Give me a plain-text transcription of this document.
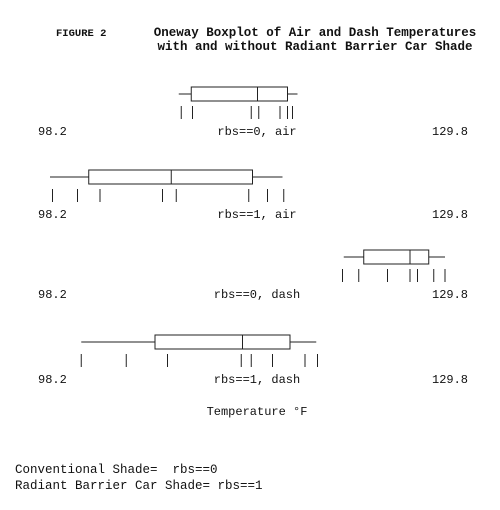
FIGURE 2	Oneway Boxplot of Air and Dash Temperatures
with and without Radiant Barrier Car Shade
98.2	rbs==0, air	129.8
98.2	rbs==1, air	129.8
98.2	rbs==0, dash	129.8
98.2	rbs==1, dash	129.8
Temperature °F
Conventional Shade=  rbs==0
Radiant Barrier Car Shade= rbs==1
